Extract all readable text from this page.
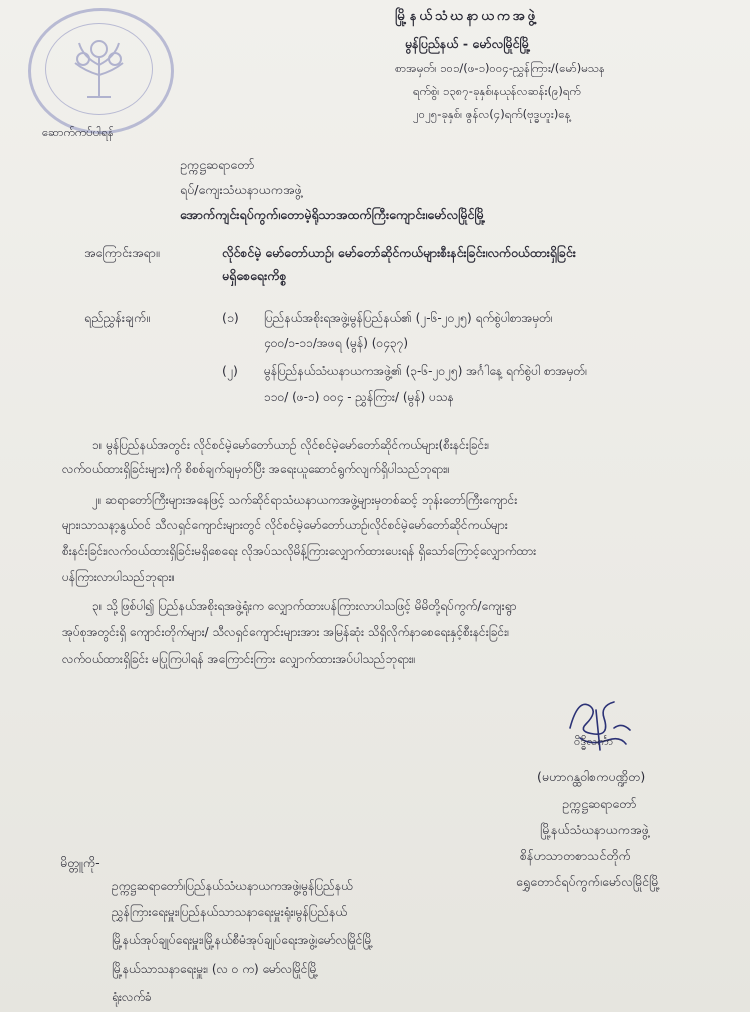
ဆောက်ကပ်ပါရန်
မြို့နယ်သံဃနာယကအဖွဲ့
မွန်ပြည်နယ် - မော်လမြိုင်မြို့
စာအမှတ်၊ ၁၀၁/(ဖ-၁)၀၀၄-ညွှန်ကြား/(မော်)မသန
ရက်စွဲ၊ ၁၃၈၇-ခုနှစ်၊နယုန်လဆန်း(၉)ရက်
၂၀၂၅-ခုနှစ်၊ ဇွန်လ(၄)ရက်(ဗုဒ္ဓဟူး)နေ့
ဥက္ကဋ္ဌဆရာတော်
ရပ်/ကျေးသံဃနာယကအဖွဲ့
အောက်ကျင်းရပ်ကွက်၊တောမဲ့ရိုသာအထက်ကြီးကျောင်း၊မော်လမြိုင်မြို့
အကြောင်းအရာ။	လိုင်စင်မဲ့ မော်တော်ယာဉ်၊ မော်တော်ဆိုင်ကယ်များစီးနင်းခြင်း၊လက်ဝယ်ထားရှိခြင်း
မရှိစေရေးကိစ္စ
ရည်ညွှန်းချက်။	(၁) ပြည်နယ်အစိုးရအဖွဲ့၊မွန်ပြည်နယ်၏ (၂-၆-၂၀၂၅) ရက်စွဲပါစာအမှတ်၊
၄၀၀/၁-၁၁/အဖရ (မွန်) (၀၄၃၇)
(၂) မွန်ပြည်နယ်သံဃနာယကအဖွဲ့၏ (၃-၆-၂၀၂၅) အင်္ဂါနေ့ ရက်စွဲပါ စာအမှတ်၊
၁၁၀/ (ဖ-၁) ၀၀၄ - ညွှန်ကြား/ (မွန်) ပသန
၁။ မွန်ပြည်နယ်အတွင်း လိုင်စင်မဲ့မော်တော်ယာဉ် လိုင်စင်မဲ့မော်တော်ဆိုင်ကယ်များ(စီးနင်းခြင်း၊
လက်ဝယ်ထားရှိခြင်းများ)ကို စိစစ်ချက်ချမှတ်ပြီး အရေးယူဆောင်ရွက်လျက်ရှိပါသည်ဘုရား။
၂။ ဆရာတော်ကြီးများအနေဖြင့် သက်ဆိုင်ရာသံဃနာယကအဖွဲ့များမှတစ်ဆင့် ဘုန်းတော်ကြီးကျောင်း
များ၊သာသနာ့နွယ်ဝင် သီလရှင်ကျောင်းများတွင် လိုင်စင်မဲ့မော်တော်ယာဉ်၊လိုင်စင်မဲ့မော်တော်ဆိုင်ကယ်များ
စီးနင်းခြင်း၊လက်ဝယ်ထားရှိခြင်းမရှိစေရေး လိုအပ်သလိုမိန့်ကြားလျှောက်ထားပေးရန် ရှိသော်ကြောင့်လျှောက်ထား
ပန်ကြားလာပါသည်ဘုရား။
၃။ သို့ဖြစ်ပါ၍ ပြည်နယ်အစိုးရအဖွဲ့ရုံးက လျှောက်ထားပန်ကြားလာပါသဖြင့် မိမိတို့ရပ်ကွက်/ကျေးရွာ
အုပ်စုအတွင်းရှိ ကျောင်းတိုက်များ/ သီလရှင်ကျောင်းများအား အမြန်ဆုံး သိရှိလိုက်နာစေရေးနှင့်စီးနင်းခြင်း၊
လက်ဝယ်ထားရှိခြင်း မပြုကြပါရန် အကြောင်းကြား လျှောက်ထားအပ်ပါသည်ဘုရား။
ဝိဒ္ဓိလင်္ကာ
(မဟာဂန္ထဝါစကပဏ္ဍိတ)
ဥက္ကဋ္ဌဆရာတော်
မြို့နယ်သံဃနာယကအဖွဲ့
စိန်ဟသာတစာသင်တိုက်
ရွှေတောင်ရပ်ကွက်၊မော်လမြိုင်မြို့
မိတ္တူကို-
ဥက္ကဋ္ဌဆရာတော်၊ပြည်နယ်သံဃနာယကအဖွဲ့၊မွန်ပြည်နယ်
ညွှန်ကြားရေးမှူး၊ပြည်နယ်သာသနာရေးမှူးရုံး၊မွန်ပြည်နယ်
မြို့နယ်အုပ်ချုပ်ရေးမှူး၊မြို့နယ်စီမံအုပ်ချုပ်ရေးအဖွဲ့၊မော်လမြိုင်မြို့
မြို့နယ်သာသနာရေးမှူး၊ (လ ၀ က) မော်လမြိုင်မြို့
ရုံးလက်ခံ
